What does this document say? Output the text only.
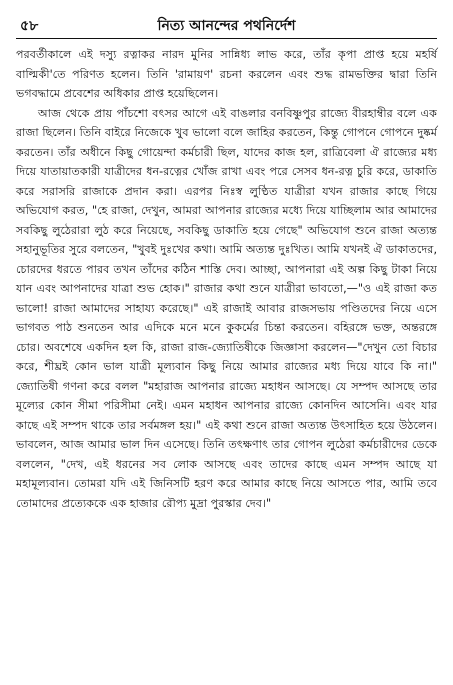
৫৮	নিত্য আনন্দের পথনির্দেশ

পরবর্তীকালে এই দস্যু রত্নাকর নারদ মুনির সান্নিধ্য লাভ করে, তাঁর কৃপা প্রাপ্ত হয়ে মহর্ষি বাল্মিকী'তে পরিণত হলেন। তিনি 'রামায়ণ' রচনা করলেন এবং শুদ্ধ রামভক্তির দ্বারা তিনি ভগবদ্ধামে প্রবেশের অধিকার প্রাপ্ত হয়েছিলেন।

আজ থেকে প্রায় পাঁচশো বৎসর আগে এই বাঙলার বনবিষ্ণুপুর রাজ্যে বীরহাম্বীর বলে এক রাজা ছিলেন। তিনি বাইরে নিজেকে খুব ভালো বলে জাহির করতেন, কিন্তু গোপনে গোপনে দুষ্কর্ম করতেন। তাঁর অধীনে কিছু গোয়েন্দা কর্মচারী ছিল, যাদের কাজ হল, রাত্রিবেলা ঐ রাজ্যের মধ্য দিয়ে যাতায়াতকারী যাত্রীদের ধন-রত্নের খোঁজ রাখা এবং পরে সেসব ধন-রত্ন চুরি করে, ডাকাতি করে সরাসরি রাজাকে প্রদান করা। এরপর নিঃস্ব লুণ্ঠিত যাত্রীরা যখন রাজার কাছে গিয়ে অভিযোগ করত, "হে রাজা, দেখুন, আমরা আপনার রাজ্যের মধ্যে দিয়ে যাচ্ছিলাম আর আমাদের সবকিছু লুঠেরারা লুঠ করে নিয়েছে, সবকিছু ডাকাতি হয়ে গেছে" অভিযোগ শুনে রাজা অত্যন্ত সহানুভূতির সুরে বলতেন, "খুবই দুঃখের কথা। আমি অত্যন্ত দুঃখিত। আমি যখনই ঐ ডাকাতদের, চোরদের ধরতে পারব তখন তাঁদের কঠিন শাস্তি দেব। আচ্ছা, আপনারা এই অল্প কিছু টাকা নিয়ে যান এবং আপনাদের যাত্রা শুভ হোক।" রাজার কথা শুনে যাত্রীরা ভাবতো,—"ও এই রাজা কত ভালো! রাজা আমাদের সাহায্য করেছে।" এই রাজাই আবার রাজসভায় পণ্ডিতদের নিয়ে এসে ভাগবত পাঠ শুনতেন আর এদিকে মনে মনে কুকর্মের চিন্তা করতেন। বহিরঙ্গে ভক্ত, অন্তরঙ্গে চোর। অবশেষে একদিন হল কি, রাজা রাজ-জ্যোতিষীকে জিজ্ঞাসা করলেন—"দেখুন তো বিচার করে, শীঘ্রই কোন ভাল যাত্রী মূল্যবান কিছু নিয়ে আমার রাজ্যের মধ্য দিয়ে যাবে কি না।" জ্যোতিষী গণনা করে বলল "মহারাজ আপনার রাজ্যে মহাধন আসছে। যে সম্পদ আসছে তার মূল্যের কোন সীমা পরিসীমা নেই। এমন মহাধন আপনার রাজ্যে কোনদিন আসেনি। এবং যার কাছে এই সম্পদ থাকে তার সর্বমঙ্গল হয়।" এই কথা শুনে রাজা অত্যন্ত উৎসাহিত হয়ে উঠলেন। ভাবলেন, আজ আমার ভাল দিন এসেছে। তিনি তৎক্ষণাৎ তার গোপন লুঠেরা কর্মচারীদের ডেকে বললেন, "দেখ, এই ধরনের সব লোক আসছে এবং তাদের কাছে এমন সম্পদ আছে যা মহামূল্যবান। তোমরা যদি এই জিনিসটি হরণ করে আমার কাছে নিয়ে আসতে পার, আমি তবে তোমাদের প্রত্যেককে এক হাজার রৌপ্য মুদ্রা পুরস্কার দেব।"
